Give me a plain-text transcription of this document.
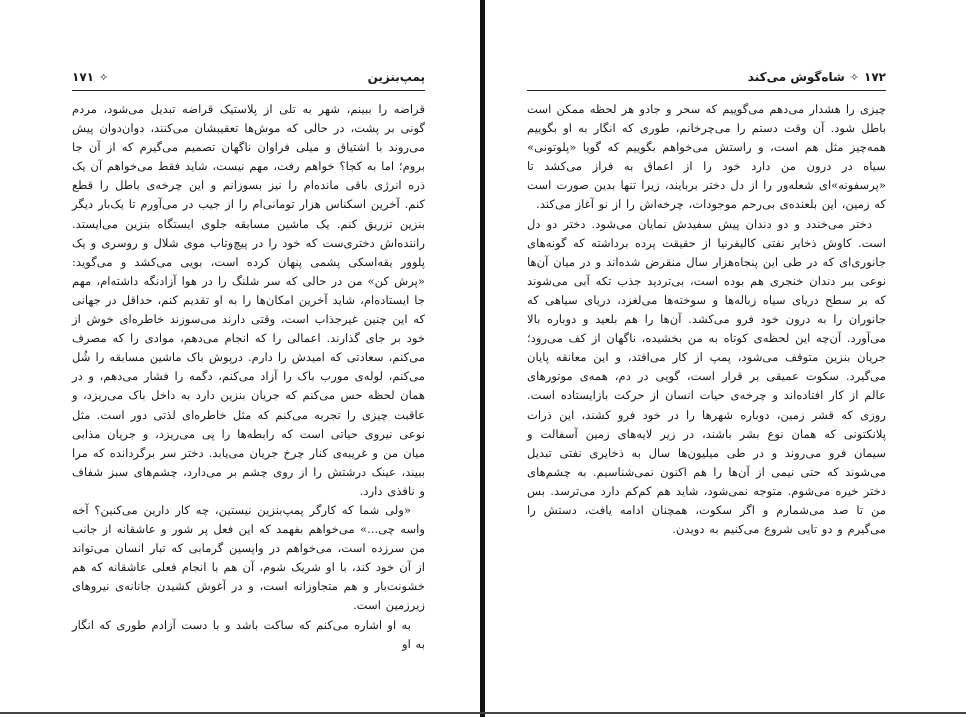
پمپ‌بنزین
✧۱۷۱

قراضه را ببینم، شهر به تلی از پلاستیک قراضه تبدیل می‌شود، مردم گونی بر پشت، در حالی که موش‌ها تعقیبشان می‌کنند، دوان‌دوان پیش می‌روند با اشتیاق و میلی فراوان ناگهان تصمیم می‌گیرم که از آن جا بروم؛ اما به کجا؟ خواهم رفت، مهم نیست، شاید فقط می‌خواهم آن یک ذره انرژی باقی مانده‌ام را نیز بسوزانم و این چرخه‌ی باطل را قطع کنم. آخرین اسکناس هزار تومانی‌ام را از جیب در می‌آورم تا یک‌بار دیگر بنزین تزریق کنم. یک ماشین مسابقه جلوی ایستگاه بنزین می‌ایستد. راننده‌اش دختری‌ست که خود را در پیچ‌وتاب موی شلال و روسری و یک پلوور یقه‌اسکی پشمی پنهان کرده است، بویی می‌کشد و می‌گوید: «پرش کن» من در حالی که سر شلنگ را در هوا آزادنگه داشته‌ام، مهم جا ایستاده‌ام، شاید آخرین امکان‌ها را به او تقدیم کنم، حداقل در جهانی که این چنین غیرجذاب است، وقتی دارند می‌سوزند خاطره‌ای خوش از خود بر جای گذارند. اعمالی را که انجام می‌دهم، موادی را که مصرف می‌کنم، سعادتی که امیدش را دارم. درپوش باک ماشین مسابقه را شُل می‌کنم، لوله‌ی مورب باک را آزاد می‌کنم، دگمه را فشار می‌دهم، و در همان لحظه حس می‌کنم که جریان بنزین دارد به داخل باک می‌ریزد، و عاقبت چیزی را تجربه می‌کنم که مثل خاطره‌ای لذتی دور است. مثل نوعی نیروی حیاتی است که رابطه‌ها را پی می‌ریزد، و جریان مذابی میان من و غریبه‌ی کنار چرخ جریان می‌یابد. دختر سر برگردانده که مرا ببیند، عینک درشتش را از روی چشم بر می‌دارد، چشم‌های سبز شفاف و نافذی دارد.

«ولی شما که کارگر پمپ‌بنزین نیستین، چه کار دارین می‌کنین؟ آخه واسه چی...» می‌خواهم بفهمد که این فعل پر شور و عاشقانه از جانب من سرزده است، می‌خواهم در واپسین گرمابی که تبار انسان می‌تواند از آن خود کند، با او شریک شوم، آن هم با انجام فعلی عاشقانه که هم خشونت‌بار و هم متجاوزانه است، و در آغوش کشیدن جانانه‌ی نیروهای زیرزمین است.

به او اشاره می‌کنم که ساکت باشد و با دست آزادم طوری که انگار به او

۱۷۲✧شاه‌گوش می‌کند

چیزی را هشدار می‌دهم می‌گوییم که سحر و جادو هر لحظه ممکن است باطل شود. آن وقت دستم را می‌چرخانم، طوری که انگار به او بگوییم همه‌چیز مثل هم است، و راستش می‌خواهم بگوییم که گویا «پلوتونی» سیاه در درون من دارد خود را از اعماق به فراز می‌کشد تا «پرسفونه»ای شعله‌ور را از دل دختر بربایند، زیرا تنها بدین صورت است که زمین، این بلعنده‌ی بی‌رحم موجودات، چرخه‌اش را از نو آغاز می‌کند.

دختر می‌خندد و دو دندان پیش سفیدش نمایان می‌شود. دختر دو دل است. کاوش ذخایر نفتی کالیفرنیا از حقیقت پرده برداشته که گونه‌های جانوری‌ای که در طی این پنجاه‌هزار سال منقرض شده‌اند و در میان آن‌ها نوعی ببر دندان خنجری هم بوده است، بی‌تردید جذب تکه آبی می‌شوند که بر سطح دریای سیاه زباله‌ها و سوخته‌ها می‌لغزد، دریای سیاهی که جانوران را به درون خود فرو می‌کشد. آن‌ها را هم بلعید و دوباره بالا می‌آورد. آن‌چه این لحظه‌ی کوتاه به من بخشیده، ناگهان از کف می‌رود؛ جریان بنزین متوقف می‌شود، پمپ از کار می‌افتد، و این معانقه پایان می‌گیرد. سکوت عمیقی بر قرار است، گویی در دم، همه‌ی موتورهای عالم از کار افتاده‌اند و چرخه‌ی حیات انسان از حرکت بازایستاده است. روزی که قشر زمین، دوباره شهرها را در خود فرو کشند، این ذرات پلانکتونی که همان نوع بشر باشند، در زیر لایه‌های زمین آسفالت و سیمان فرو می‌روند و در طی میلیون‌ها سال به ذخایری نفتی تبدیل می‌شوند که حتی نیمی از آن‌ها را هم اکنون نمی‌شناسیم. به چشم‌های دختر خیره می‌شوم. متوجه نمی‌شود، شاید هم کم‌کم دارد می‌ترسد. بس من تا صد می‌شمارم و اگر سکوت، همچنان ادامه یافت، دستش را می‌گیرم و دو تایی شروع می‌کنیم به دویدن.
